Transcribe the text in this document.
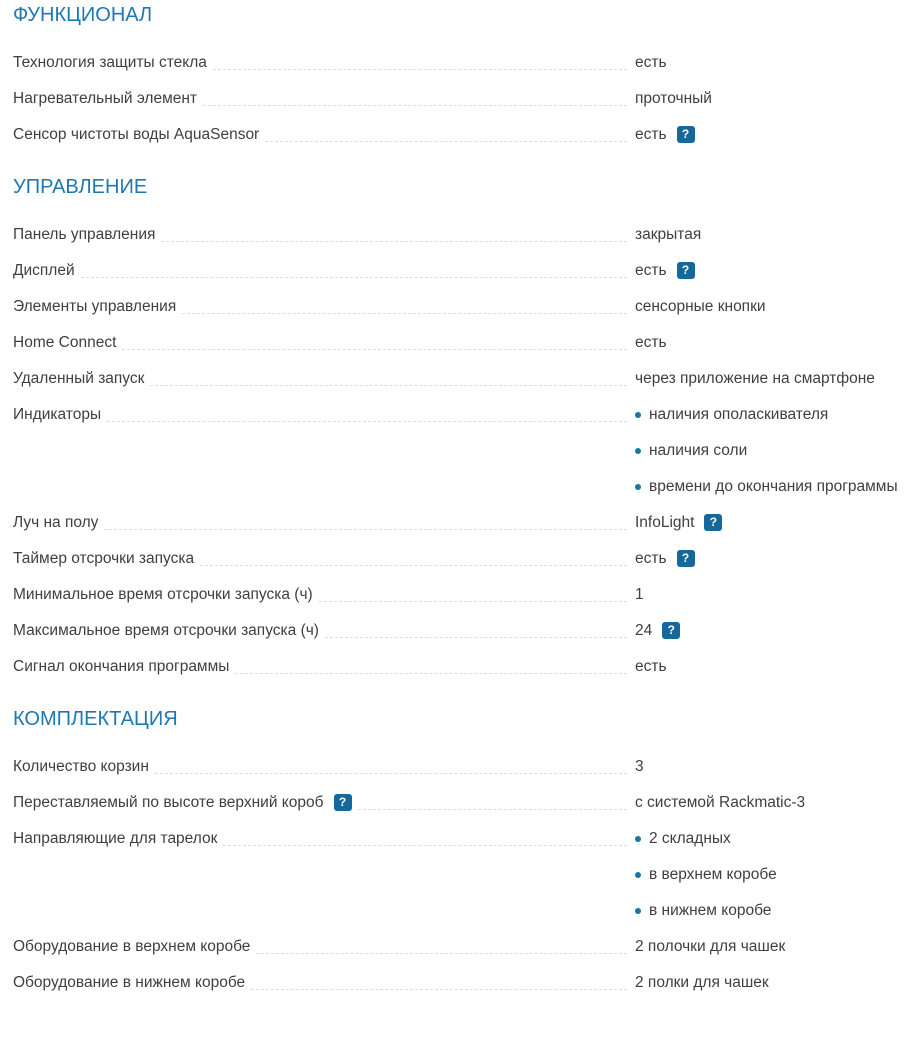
ФУНКЦИОНАЛ
Технология защиты стекла	есть
Нагревательный элемент	проточный
Сенсор чистоты воды AquaSensor	есть ?
УПРАВЛЕНИЕ
Панель управления	закрытая
Дисплей	есть ?
Элементы управления	сенсорные кнопки
Home Connect	есть
Удаленный запуск	через приложение на смартфоне
Индикаторы	наличия ополаскивателя
наличия соли
времени до окончания программы
Луч на полу	InfoLight ?
Таймер отсрочки запуска	есть ?
Минимальное время отсрочки запуска (ч)	1
Максимальное время отсрочки запуска (ч)	24 ?
Сигнал окончания программы	есть
КОМПЛЕКТАЦИЯ
Количество корзин	3
Переставляемый по высоте верхний короб ?	с системой Rackmatic-3
Направляющие для тарелок	2 складных
в верхнем коробе
в нижнем коробе
Оборудование в верхнем коробе	2 полочки для чашек
Оборудование в нижнем коробе	2 полки для чашек
